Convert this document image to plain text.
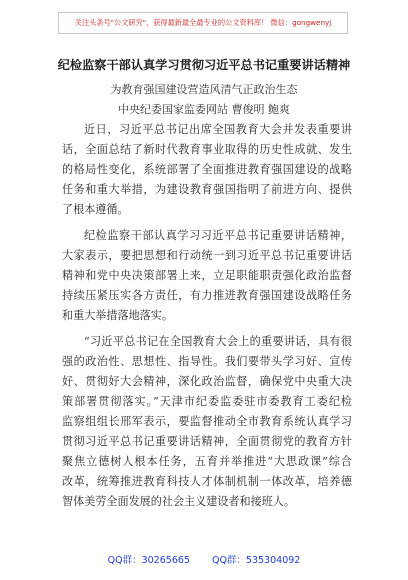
关注头条号"公文研究"，获得最新最全最专业的公文资料库！ 微信：gongwenyj
纪检监察干部认真学习贯彻习近平总书记重要讲话精神
为教育强国建设营造风清气正政治生态
中央纪委国家监委网站 曹俊明 鲍爽
近日，习近平总书记出席全国教育大会并发表重要讲
话，全面总结了新时代教育事业取得的历史性成就、发生
的格局性变化，系统部署了全面推进教育强国建设的战略
任务和重大举措，为建设教育强国指明了前进方向、提供
了根本遵循。
纪检监察干部认真学习习近平总书记重要讲话精神，
大家表示，要把思想和行动统一到习近平总书记重要讲话
精神和党中央决策部署上来，立足职能职责强化政治监督
持续压紧压实各方责任，有力推进教育强国建设战略任务
和重大举措落地落实。
“习近平总书记在全国教育大会上的重要讲话，具有很
强的政治性、思想性、指导性。我们要带头学习好、宣传
好、贯彻好大会精神，深化政治监督，确保党中央重大决
策部署贯彻落实。”天津市纪委监委驻市委教育工委纪检
监察组组长邢军表示，要监督推动全市教育系统认真学习
贯彻习近平总书记重要讲话精神，全面贯彻党的教育方针
聚焦立德树人根本任务，五育并举推进“大思政课”综合
改革，统筹推进教育科技人才体制机制一体改革，培养德
智体美劳全面发展的社会主义建设者和接班人。
QQ群：30265665 QQ群：535304092
